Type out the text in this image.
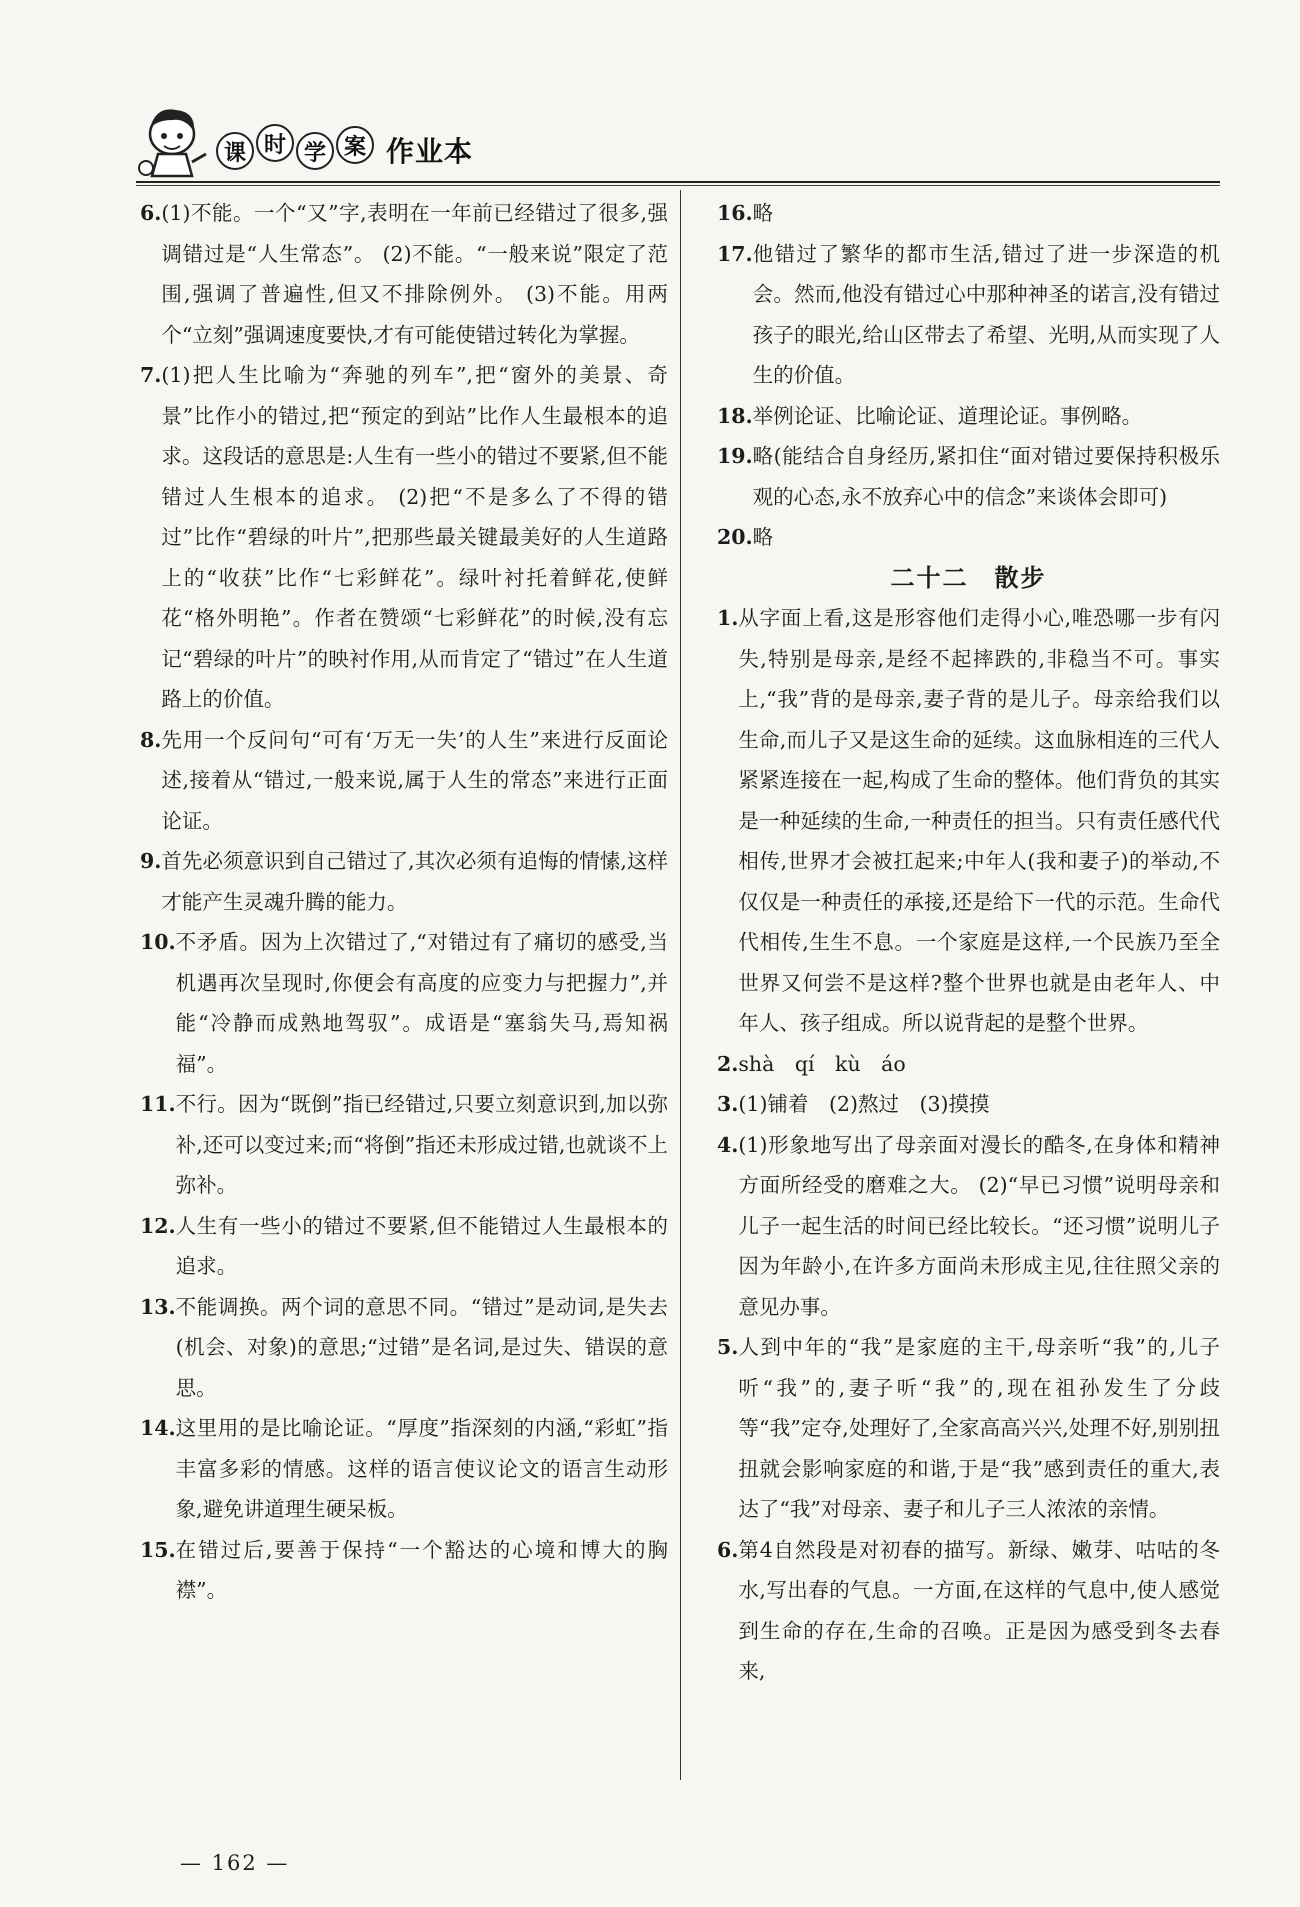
课 时 学 案 作业本
6. (1)不能。一个“又”字,表明在一年前已经错过了很多,强调错过是“人生常态”。 (2)不能。“一般来说”限定了范围,强调了普遍性,但又不排除例外。 (3)不能。用两个“立刻”强调速度要快,才有可能使错过转化为掌握。
7. (1)把人生比喻为“奔驰的列车”,把“窗外的美景、奇景”比作小的错过,把“预定的到站”比作人生最根本的追求。这段话的意思是:人生有一些小的错过不要紧,但不能错过人生根本的追求。 (2)把“不是多么了不得的错过”比作“碧绿的叶片”,把那些最关键最美好的人生道路上的“收获”比作“七彩鲜花”。绿叶衬托着鲜花,使鲜花“格外明艳”。作者在赞颂“七彩鲜花”的时候,没有忘记“碧绿的叶片”的映衬作用,从而肯定了“错过”在人生道路上的价值。
8. 先用一个反问句“可有‘万无一失’的人生”来进行反面论述,接着从“错过,一般来说,属于人生的常态”来进行正面论证。
9. 首先必须意识到自己错过了,其次必须有追悔的情愫,这样才能产生灵魂升腾的能力。
10. 不矛盾。因为上次错过了,“对错过有了痛切的感受,当机遇再次呈现时,你便会有高度的应变力与把握力”,并能“冷静而成熟地驾驭”。成语是“塞翁失马,焉知祸福”。
11. 不行。因为“既倒”指已经错过,只要立刻意识到,加以弥补,还可以变过来;而“将倒”指还未形成过错,也就谈不上弥补。
12. 人生有一些小的错过不要紧,但不能错过人生最根本的追求。
13. 不能调换。两个词的意思不同。“错过”是动词,是失去(机会、对象)的意思;“过错”是名词,是过失、错误的意思。
14. 这里用的是比喻论证。“厚度”指深刻的内涵,“彩虹”指丰富多彩的情感。这样的语言使议论文的语言生动形象,避免讲道理生硬呆板。
15. 在错过后,要善于保持“一个豁达的心境和博大的胸襟”。
16. 略
17. 他错过了繁华的都市生活,错过了进一步深造的机会。然而,他没有错过心中那种神圣的诺言,没有错过孩子的眼光,给山区带去了希望、光明,从而实现了人生的价值。
18. 举例论证、比喻论证、道理论证。事例略。
19. 略(能结合自身经历,紧扣住“面对错过要保持积极乐观的心态,永不放弃心中的信念”来谈体会即可)
20. 略
二十二　散步
1. 从字面上看,这是形容他们走得小心,唯恐哪一步有闪失,特别是母亲,是经不起摔跌的,非稳当不可。事实上,“我”背的是母亲,妻子背的是儿子。母亲给我们以生命,而儿子又是这生命的延续。这血脉相连的三代人紧紧连接在一起,构成了生命的整体。他们背负的其实是一种延续的生命,一种责任的担当。只有责任感代代相传,世界才会被扛起来;中年人(我和妻子)的举动,不仅仅是一种责任的承接,还是给下一代的示范。生命代代相传,生生不息。一个家庭是这样,一个民族乃至全世界又何尝不是这样?整个世界也就是由老年人、中年人、孩子组成。所以说背起的是整个世界。
2. shà　qí　kù　áo
3. (1)铺着　(2)熬过　(3)摸摸
4. (1)形象地写出了母亲面对漫长的酷冬,在身体和精神方面所经受的磨难之大。 (2)“早已习惯”说明母亲和儿子一起生活的时间已经比较长。“还习惯”说明儿子因为年龄小,在许多方面尚未形成主见,往往照父亲的意见办事。
5. 人到中年的“我”是家庭的主干,母亲听“我”的,儿子听“我”的,妻子听“我”的,现在祖孙发生了分歧等“我”定夺,处理好了,全家高高兴兴,处理不好,别别扭扭就会影响家庭的和谐,于是“我”感到责任的重大,表达了“我”对母亲、妻子和儿子三人浓浓的亲情。
6. 第4自然段是对初春的描写。新绿、嫩芽、咕咕的冬水,写出春的气息。一方面,在这样的气息中,使人感觉到生命的存在,生命的召唤。正是因为感受到冬去春来,
— 162 —
